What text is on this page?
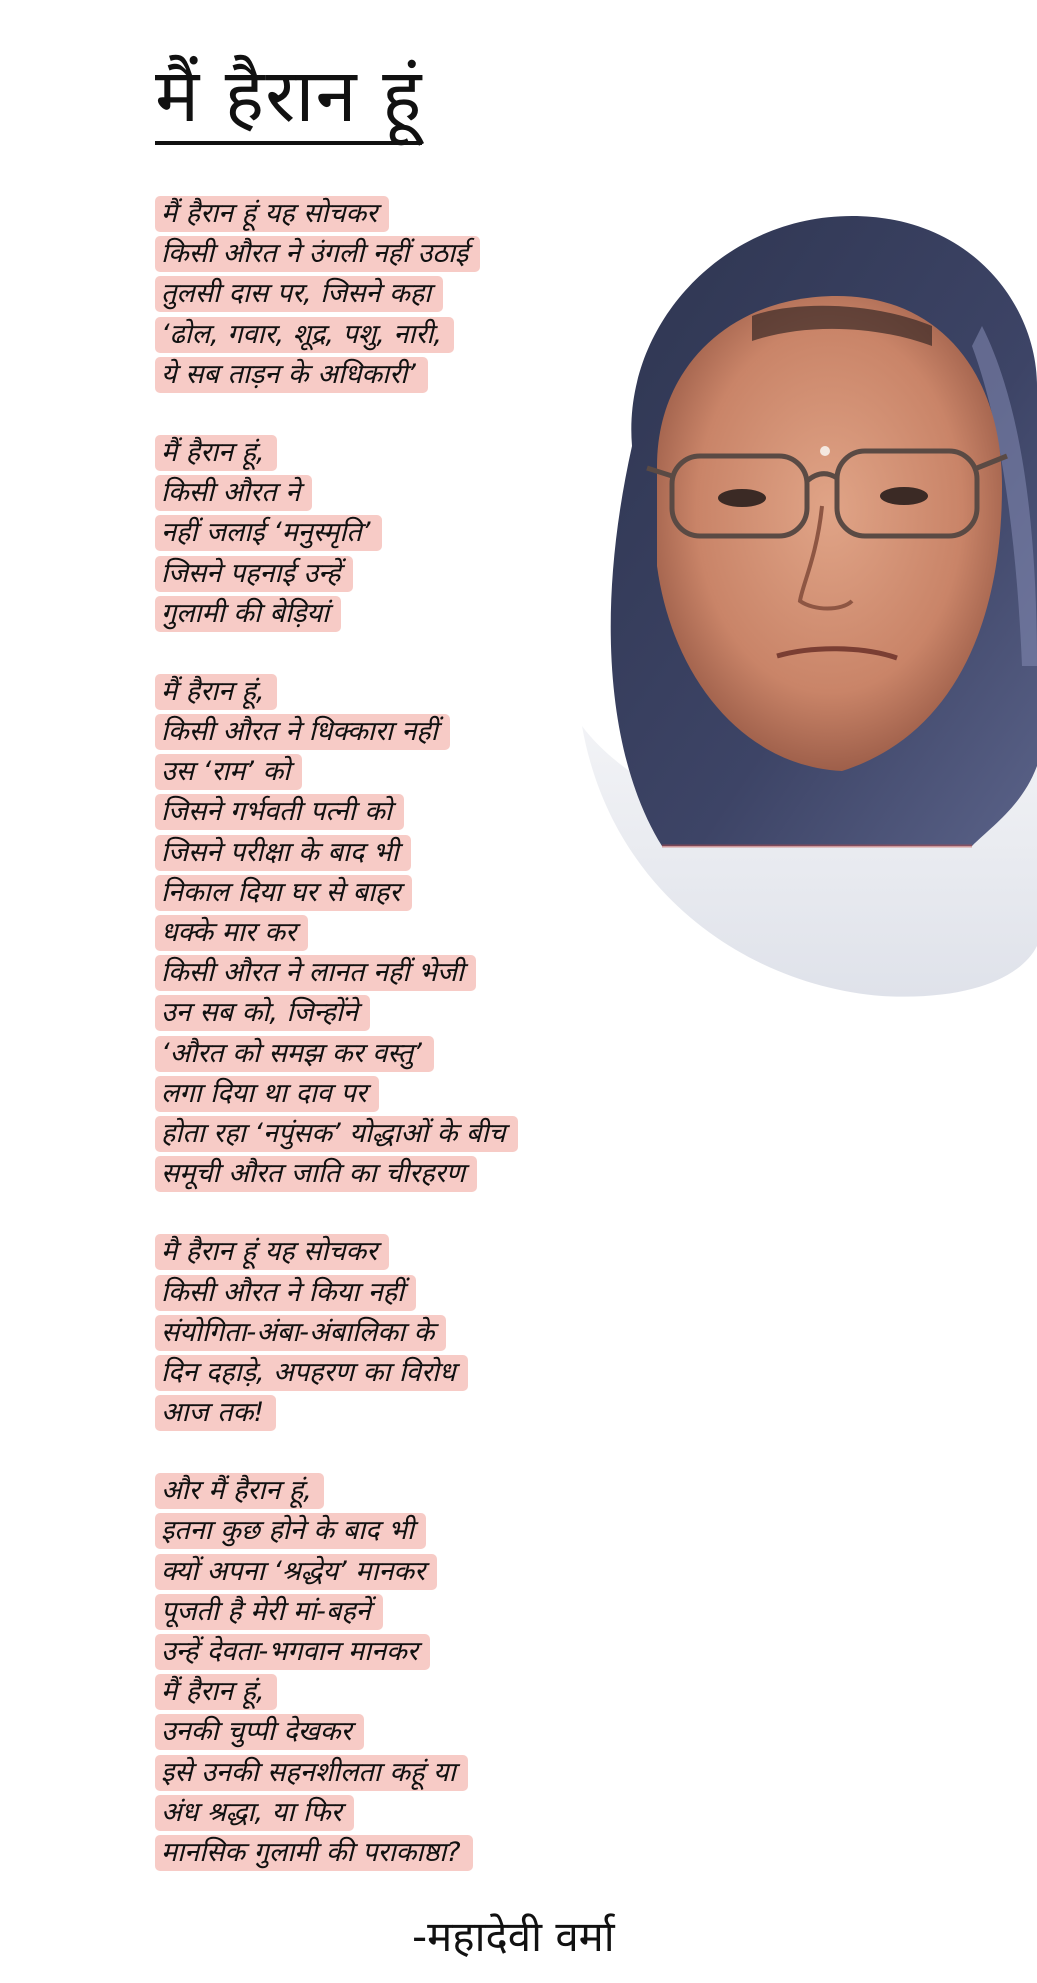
मैं हैरान हूं
मैं हैरान हूं यह सोचकर
किसी औरत ने उंगली नहीं उठाई
तुलसी दास पर, जिसने कहा
‘ढोल, गवार, शूद्र, पशु, नारी,
ये सब ताड़न के अधिकारी’
मैं हैरान हूं,
किसी औरत ने
नहीं जलाई ‘मनुस्मृति’
जिसने पहनाई उन्हें
गुलामी की बेड़ियां
मैं हैरान हूं,
किसी औरत ने धिक्कारा नहीं
उस ‘राम’ को
जिसने गर्भवती पत्नी को
जिसने परीक्षा के बाद भी
निकाल दिया घर से बाहर
धक्के मार कर
किसी औरत ने लानत नहीं भेजी
उन सब को, जिन्होंने
‘औरत को समझ कर वस्तु’
लगा दिया था दाव पर
होता रहा ‘नपुंसक’ योद्धाओं के बीच
समूची औरत जाति का चीरहरण
मै हैरान हूं यह सोचकर
किसी औरत ने किया नहीं
संयोगिता-अंबा-अंबालिका के
दिन दहाड़े, अपहरण का विरोध
आज तक!
और मैं हैरान हूं,
इतना कुछ होने के बाद भी
क्यों अपना ‘श्रद्धेय’ मानकर
पूजती है मेरी मां-बहनें
उन्हें देवता-भगवान मानकर
मैं हैरान हूं,
उनकी चुप्पी देखकर
इसे उनकी सहनशीलता कहूं या
अंध श्रद्धा, या फिर
मानसिक गुलामी की पराकाष्ठा?
-महादेवी वर्मा
